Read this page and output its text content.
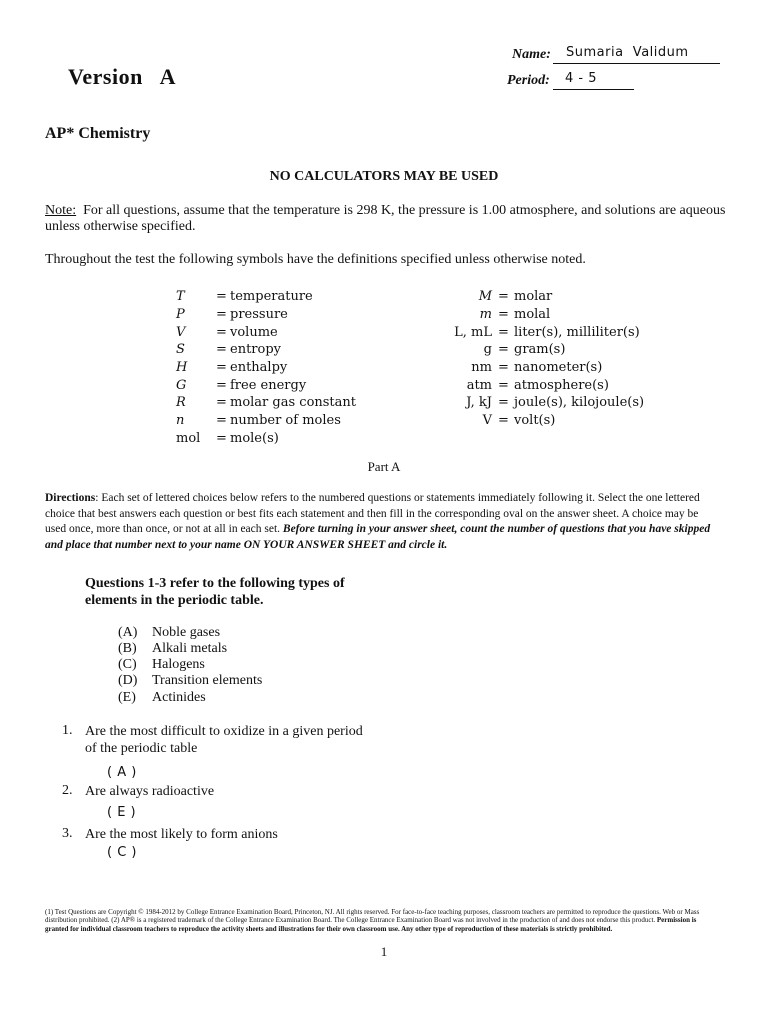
Version   A
Name: Sumaria  Validum
Period: 4 - 5
AP* Chemistry
NO CALCULATORS MAY BE USED
Note:  For all questions, assume that the temperature is 298 K, the pressure is 1.00 atmosphere, and solutions are aqueous unless otherwise specified.
Throughout the test the following symbols have the definitions specified unless otherwise noted.
T	=	temperature	M	=	molar
P	=	pressure	m	=	molal
V	=	volume	L, mL	=	liter(s), milliliter(s)
S	=	entropy	g	=	gram(s)
H	=	enthalpy	nm	=	nanometer(s)
G	=	free energy	atm	=	atmosphere(s)
R	=	molar gas constant	J, kJ	=	joule(s), kilojoule(s)
n	=	number of moles	V	=	volt(s)
mol	=	mole(s)			
Part A
Directions: Each set of lettered choices below refers to the numbered questions or statements immediately following it. Select the one lettered choice that best answers each question or best fits each statement and then fill in the corresponding oval on the answer sheet. A choice may be used once, more than once, or not at all in each set. Before turning in your answer sheet, count the number of questions that you have skipped and place that number next to your name ON YOUR ANSWER SHEET and circle it.
Questions 1-3 refer to the following types of elements in the periodic table.
(A) Noble gases
(B) Alkali metals
(C) Halogens
(D) Transition elements
(E) Actinides
1. Are the most difficult to oxidize in a given period of the periodic table
( A )
2. Are always radioactive
( E )
3. Are the most likely to form anions
( C )
(1) Test Questions are Copyright © 1984-2012 by College Entrance Examination Board, Princeton, NJ. All rights reserved. For face-to-face teaching purposes, classroom teachers are permitted to reproduce the questions. Web or Mass distribution prohibited. (2) AP® is a registered trademark of the College Entrance Examination Board. The College Entrance Examination Board was not involved in the production of and does not endorse this product. Permission is granted for individual classroom teachers to reproduce the activity sheets and illustrations for their own classroom use. Any other type of reproduction of these materials is strictly prohibited.
1
